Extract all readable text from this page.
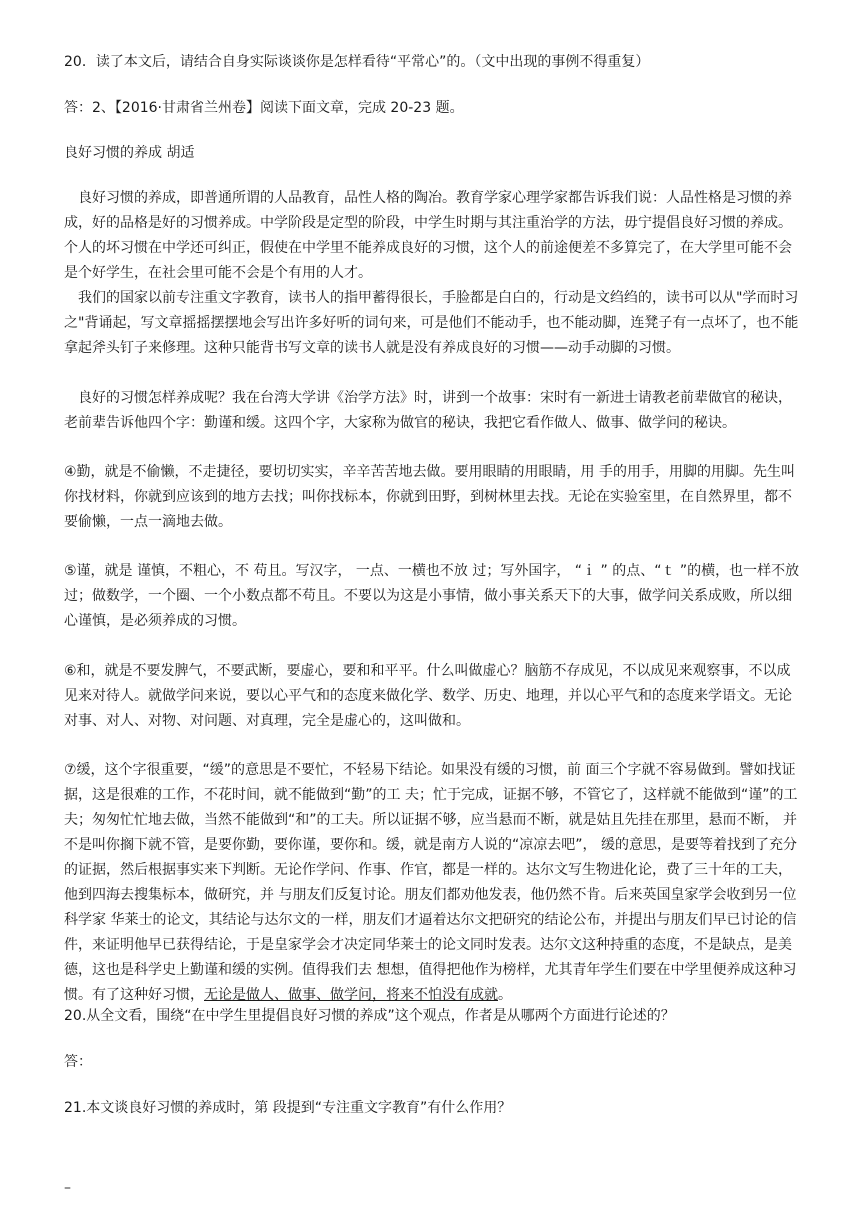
20．读了本文后，请结合自身实际谈谈你是怎样看待“平常心”的。（文中出现的事例不得重复）

答：2、【2016·甘肃省兰州卷】阅读下面文章，完成 20-23 题。

良好习惯的养成 胡适

良好习惯的养成，即普通所谓的人品教育，品性人格的陶冶。教育学家心理学家都告诉我们说：人品性格是习惯的养成，好的品格是好的习惯养成。中学阶段是定型的阶段，中学生时期与其注重治学的方法，毋宁提倡良好习惯的养成。 个人的坏习惯在中学还可纠正，假使在中学里不能养成良好的习惯，这个人的前途便差不多算完了，在大学里可能不会是个好学生，在社会里可能不会是个有用的人才。

我们的国家以前专注重文字教育，读书人的指甲蓄得很长，手脸都是白白的，行动是文绉绉的，读书可以从"学而时习之"背诵起，写文章摇摇摆摆地会写出许多好听的词句来，可是他们不能动手，也不能动脚，连凳子有一点坏了，也不能拿起斧头钉子来修理。这种只能背书写文章的读书人就是没有养成良好的习惯——动手动脚的习惯。

良好的习惯怎样养成呢？我在台湾大学讲《治学方法》时，讲到一个故事：宋时有一新进士请教老前辈做官的秘诀，老前辈告诉他四个字：勤谨和缓。这四个字，大家称为做官的秘诀，我把它看作做人、做事、做学问的秘诀。

④勤，就是不偷懒，不走捷径，要切切实实，辛辛苦苦地去做。要用眼睛的用眼睛，用 手的用手，用脚的用脚。先生叫你找材料，你就到应该到的地方去找；叫你找标本，你就到田野，到树林里去找。无论在实验室里，在自然界里，都不要偷懒，一点一滴地去做。

⑤谨，就是 谨慎，不粗心，不 苟且。写汉字， 一点、一横也不放 过；写外国字， “ｉ ” 的点、“ｔ ”的横，也一样不放过；做数学，一个圈、一个小数点都不苟且。不要以为这是小事情，做小事关系天下的大事，做学问关系成败，所以细心谨慎，是必须养成的习惯。

⑥和，就是不要发脾气，不要武断，要虚心，要和和平平。什么叫做虚心？脑筋不存成见，不以成见来观察事，不以成见来对待人。就做学问来说，要以心平气和的态度来做化学、数学、历史、地理，并以心平气和的态度来学语文。无论对事、对人、对物、对问题、对真理，完全是虚心的，这叫做和。

⑦缓，这个字很重要，“缓”的意思是不要忙，不轻易下结论。如果没有缓的习惯，前 面三个字就不容易做到。譬如找证据，这是很难的工作，不花时间，就不能做到“勤”的工 夫；忙于完成，证据不够，不管它了，这样就不能做到“谨”的工夫；匆匆忙忙地去做，当然不能做到“和”的工夫。所以证据不够，应当悬而不断，就是姑且先挂在那里，悬而不断， 并不是叫你搁下就不管，是要你勤，要你谨，要你和。缓，就是南方人说的“凉凉去吧”， 缓的意思，是要等着找到了充分的证据，然后根据事实来下判断。无论作学问、作事、作官，都是一样的。达尔文写生物进化论，费了三十年的工夫，他到四海去搜集标本，做研究，并 与朋友们反复讨论。朋友们都劝他发表，他仍然不肯。后来英国皇家学会收到另一位科学家 华莱士的论文，其结论与达尔文的一样，朋友们才逼着达尔文把研究的结论公布，并提出与朋友们早已讨论的信件，来证明他早已获得结论，于是皇家学会才决定同华莱士的论文同时发表。达尔文这种持重的态度，不是缺点，是美德，这也是科学史上勤谨和缓的实例。值得我们去 想想，值得把他作为榜样，尤其青年学生们要在中学里便养成这种习惯。有了这种好习惯，无论是做人、做事、做学问，将来不怕没有成就。

20.从全文看，围绕“在中学生里提倡良好习惯的养成”这个观点，作者是从哪两个方面进行论述的？

答：

21.本文谈良好习惯的养成时，第 段提到“专注重文字教育”有什么作用？

–
